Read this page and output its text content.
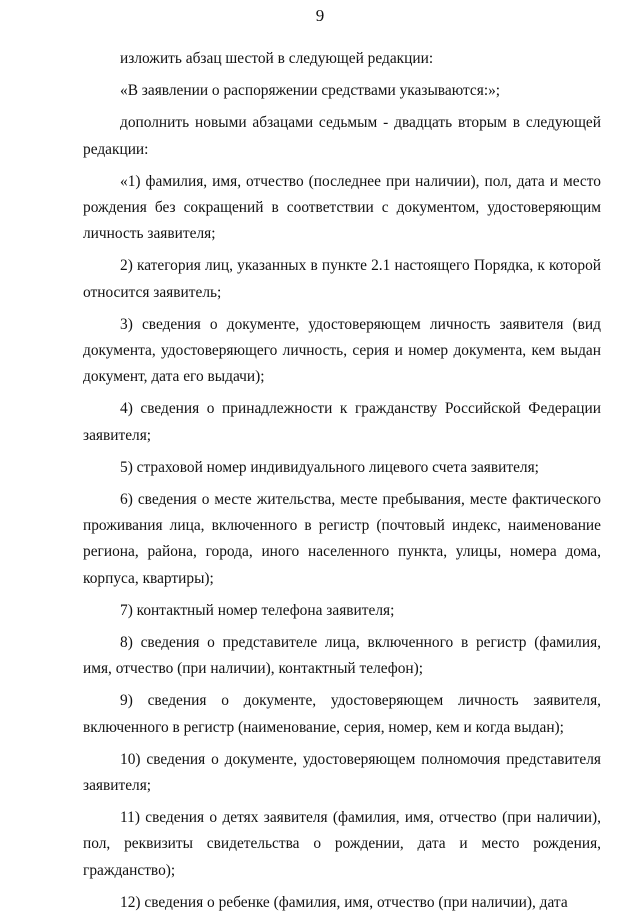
9

изложить абзац шестой в следующей редакции:

«В заявлении о распоряжении средствами указываются:»;

дополнить новыми абзацами седьмым - двадцать вторым в следующей редакции:

«1) фамилия, имя, отчество (последнее при наличии), пол, дата и место рождения без сокращений в соответствии с документом, удостоверяющим личность заявителя;

2) категория лиц, указанных в пункте 2.1 настоящего Порядка, к которой относится заявитель;

3) сведения о документе, удостоверяющем личность заявителя (вид документа, удостоверяющего личность, серия и номер документа, кем выдан документ, дата его выдачи);

4) сведения о принадлежности к гражданству Российской Федерации заявителя;

5) страховой номер индивидуального лицевого счета заявителя;

6) сведения о месте жительства, месте пребывания, месте фактического проживания лица, включенного в регистр (почтовый индекс, наименование региона, района, города, иного населенного пункта, улицы, номера дома, корпуса, квартиры);

7) контактный номер телефона заявителя;

8) сведения о представителе лица, включенного в регистр (фамилия, имя, отчество (при наличии), контактный телефон);

9) сведения о документе, удостоверяющем личность заявителя, включенного в регистр (наименование, серия, номер, кем и когда выдан);

10) сведения о документе, удостоверяющем полномочия представителя заявителя;

11) сведения о детях заявителя (фамилия, имя, отчество (при наличии), пол, реквизиты свидетельства о рождении, дата и место рождения, гражданство);

12) сведения о ребенке (фамилия, имя, отчество (при наличии), дата
